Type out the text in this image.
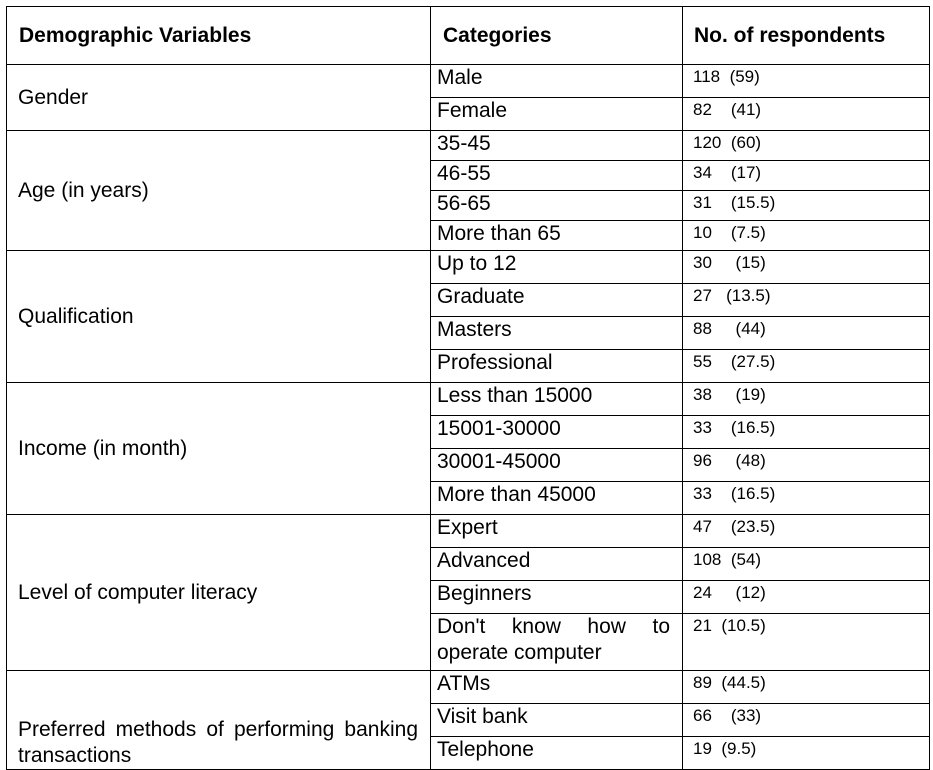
Demographic Variables	Categories	No. of respondents
Gender	Male	118 (59)
	Female	82 (41)
Age (in years)	35-45	120 (60)
	46-55	34 (17)
	56-65	31 (15.5)
	More than 65	10 (7.5)
Qualification	Up to 12	30 (15)
	Graduate	27 (13.5)
	Masters	88 (44)
	Professional	55 (27.5)
Income (in month)	Less than 15000	38 (19)
	15001-30000	33 (16.5)
	30001-45000	96 (48)
	More than 45000	33 (16.5)
Level of computer literacy	Expert	47 (23.5)
	Advanced	108 (54)
	Beginners	24 (12)
	Don't know how to operate computer	21 (10.5)
Preferred methods of performing banking transactions	ATMs	89 (44.5)
	Visit bank	66 (33)
	Telephone	19 (9.5)
